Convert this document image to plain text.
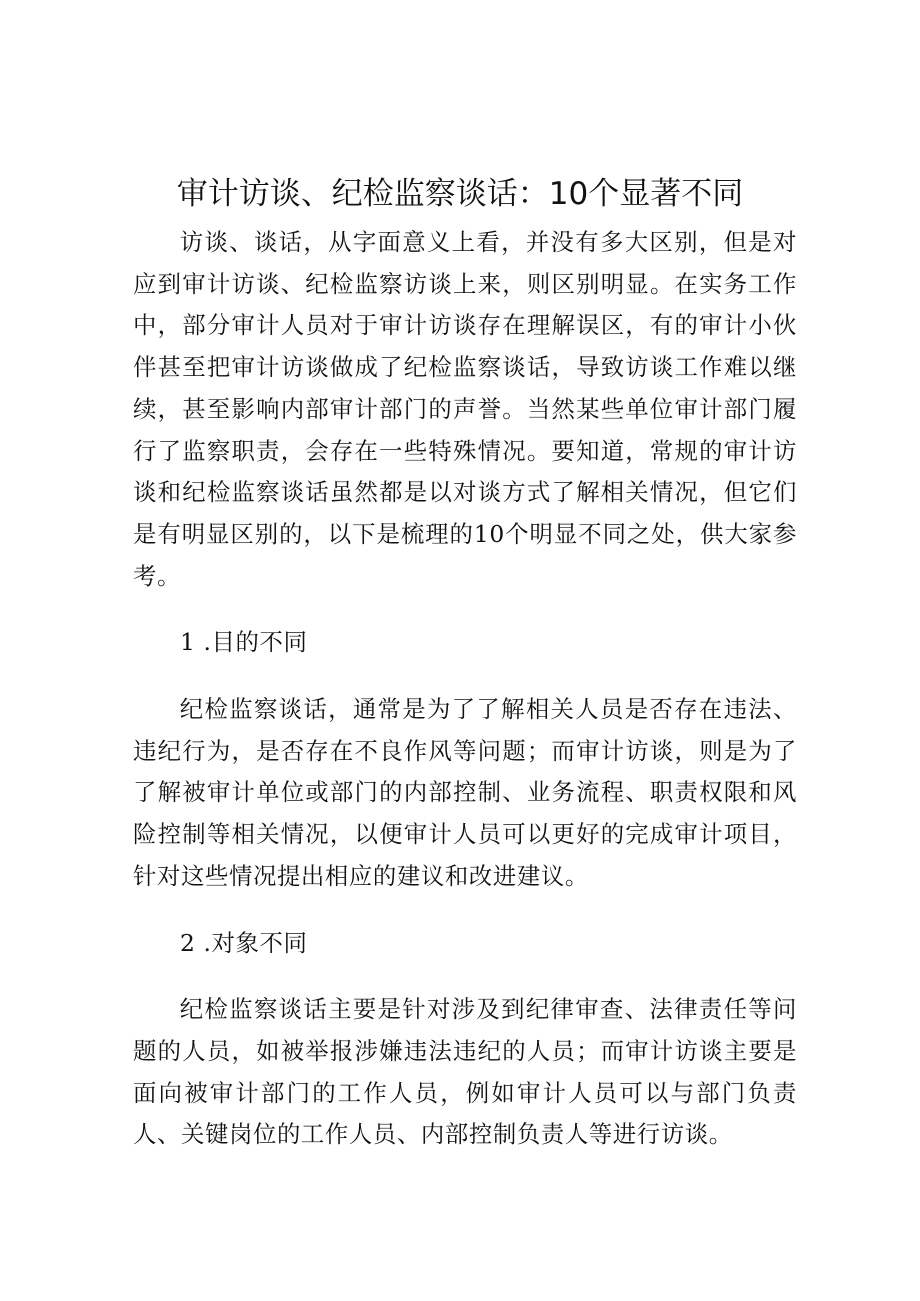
审计访谈、纪检监察谈话：10个显著不同

访谈、谈话，从字面意义上看，并没有多大区别，但是对应到审计访谈、纪检监察访谈上来，则区别明显。在实务工作中，部分审计人员对于审计访谈存在理解误区，有的审计小伙伴甚至把审计访谈做成了纪检监察谈话，导致访谈工作难以继续，甚至影响内部审计部门的声誉。当然某些单位审计部门履行了监察职责，会存在一些特殊情况。要知道，常规的审计访谈和纪检监察谈话虽然都是以对谈方式了解相关情况，但它们是有明显区别的，以下是梳理的10个明显不同之处，供大家参考。

1 .目的不同

纪检监察谈话，通常是为了了解相关人员是否存在违法、违纪行为，是否存在不良作风等问题；而审计访谈，则是为了了解被审计单位或部门的内部控制、业务流程、职责权限和风险控制等相关情况，以便审计人员可以更好的完成审计项目，针对这些情况提出相应的建议和改进建议。

2 .对象不同

纪检监察谈话主要是针对涉及到纪律审查、法律责任等问题的人员，如被举报涉嫌违法违纪的人员；而审计访谈主要是面向被审计部门的工作人员，例如审计人员可以与部门负责人、关键岗位的工作人员、内部控制负责人等进行访谈。
